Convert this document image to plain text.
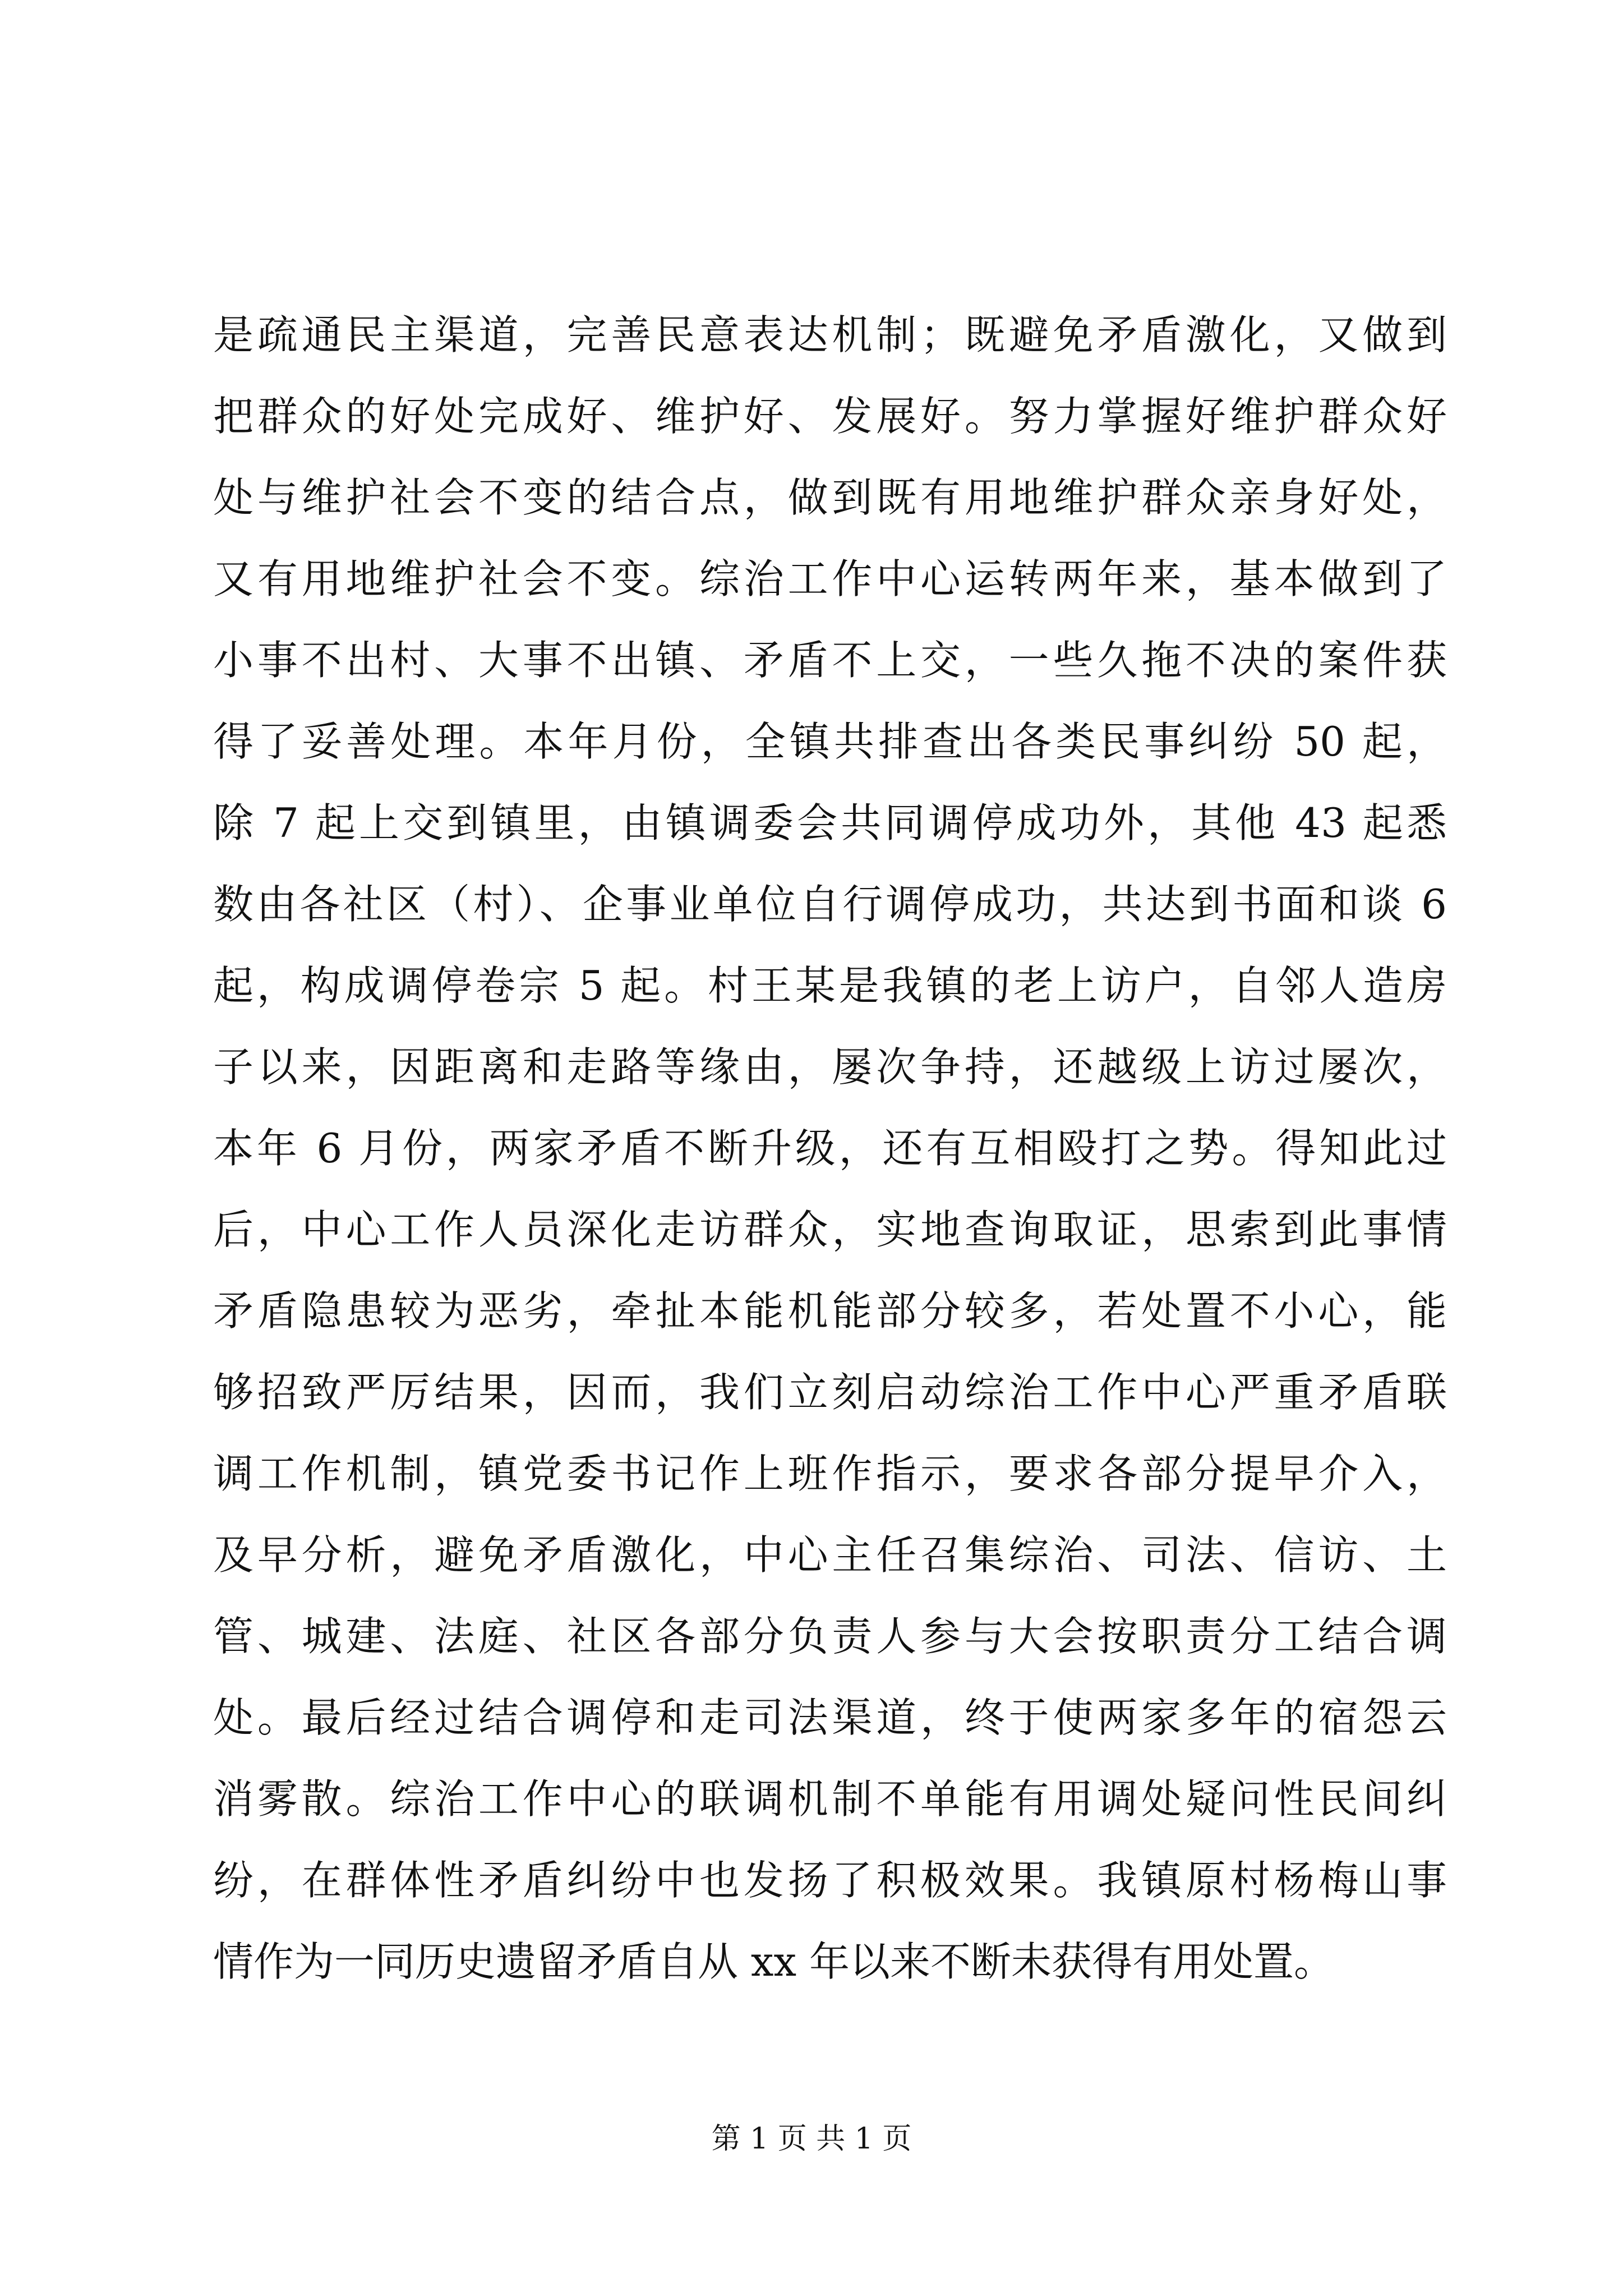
是疏通民主渠道，完善民意表达机制；既避免矛盾激化，又做到
把群众的好处完成好、维护好、发展好。努力掌握好维护群众好
处与维护社会不变的结合点，做到既有用地维护群众亲身好处，
又有用地维护社会不变。综治工作中心运转两年来，基本做到了
小事不出村、大事不出镇、矛盾不上交，一些久拖不决的案件获
得了妥善处理。本年月份，全镇共排查出各类民事纠纷 50 起，
除 7 起上交到镇里，由镇调委会共同调停成功外，其他 43 起悉
数由各社区（村）、企事业单位自行调停成功，共达到书面和谈 6
起，构成调停卷宗 5 起。村王某是我镇的老上访户，自邻人造房
子以来，因距离和走路等缘由，屡次争持，还越级上访过屡次，
本年 6 月份，两家矛盾不断升级，还有互相殴打之势。得知此过
后，中心工作人员深化走访群众，实地查询取证，思索到此事情
矛盾隐患较为恶劣，牵扯本能机能部分较多，若处置不小心，能
够招致严厉结果，因而，我们立刻启动综治工作中心严重矛盾联
调工作机制，镇党委书记作上班作指示，要求各部分提早介入，
及早分析，避免矛盾激化，中心主任召集综治、司法、信访、土
管、城建、法庭、社区各部分负责人参与大会按职责分工结合调
处。最后经过结合调停和走司法渠道，终于使两家多年的宿怨云
消雾散。综治工作中心的联调机制不单能有用调处疑问性民间纠
纷，在群体性矛盾纠纷中也发扬了积极效果。我镇原村杨梅山事
情作为一同历史遗留矛盾自从 xx 年以来不断未获得有用处置。
第 1 页 共 1 页
